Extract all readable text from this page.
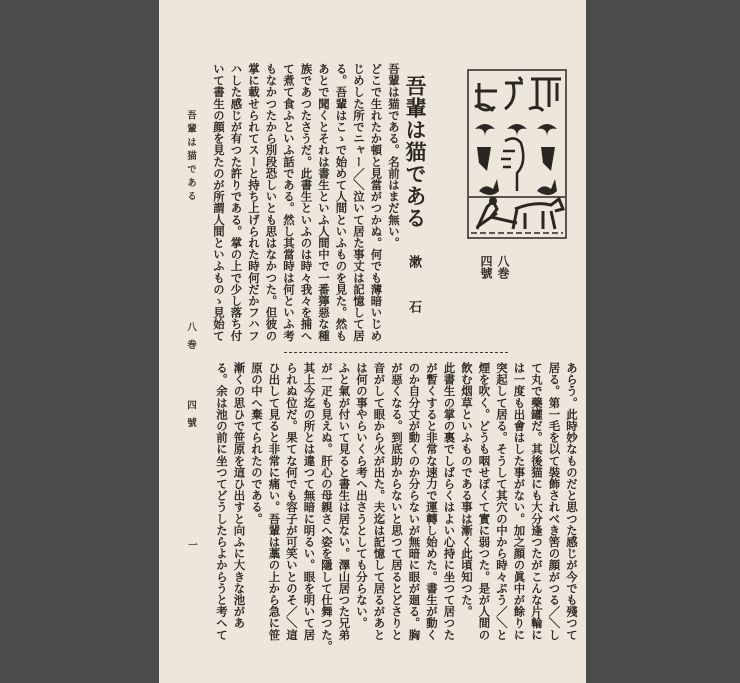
八巻
四號
吾輩は猫である
漱石
吾輩は猫である。名前はまだ無い。
どこで生れたか頓と見當がつかぬ。何でも薄暗いじめ
じめした所でニャー／＼泣いて居た事丈は記憶して居
る。吾輩はこゝで始めて人間といふものを見た。然も
あとで聞くとそれは書生といふ人間中で一番獰惡な種
族であつたさうだ。此書生といふのは時々我々を捕へ
て煮て食ふといふ話である。然し其當時は何といふ考
もなかつたから別段恐しいとも思はなかつた。但彼の
掌に載せられてスーと持ち上げられた時何だかフハフ
ハした感じが有つた許りである。掌の上で少し落ち付
いて書生の顔を見たのが所謂人間といふものゝ見始て
あらう。此時妙なものだと思つた感じが今でも殘つて
居る。第一毛を以て裝飾されべき筈の顔がつる／＼し
て丸で藥罐だ。其後猫にも大分逢つたがこんな片輪に
は一度も出會はした事がない。加之顔の眞中が餘りに
突起して居る。そうして其穴の中から時々ぷう／＼と
煙を吹く。どうも咽せぽくて實に弱つた。是が人間の
飲む烟草といふものである事は漸く此頃知つた。
此書生の掌の裏でしばらくはよい心持に坐つて居つた
が暫くすると非常な速力で運轉し始めた。書生が動く
のか自分丈が動くのか分らないが無暗に眼が廻る。胸
が惡くなる。到底助からないと思つて居るとどさりと
音がして眼から火が出た。夫迄は記憶して居るがあと
は何の事やらいくら考へ出さうとしても分らない。
ふと氣が付いて見ると書生は居ない。澤山居つた兄弟
が一疋も見えぬ。肝心の母親さへ姿を隱して仕舞つた。
其上今迄の所とは違つて無暗に明るい。眼を明いて居
られぬ位だ。果てな何でも容子が可笑いとのそ／＼這
ひ出して見ると非常に痛い。吾輩は藁の上から急に笹
原の中へ棄てられたのである。
漸くの思ひで笹原を這ひ出すと向ふに大きな池があ
る。余は池の前に坐つてどうしたらよからうと考へて
吾輩は猫である
八巻
四號
一
